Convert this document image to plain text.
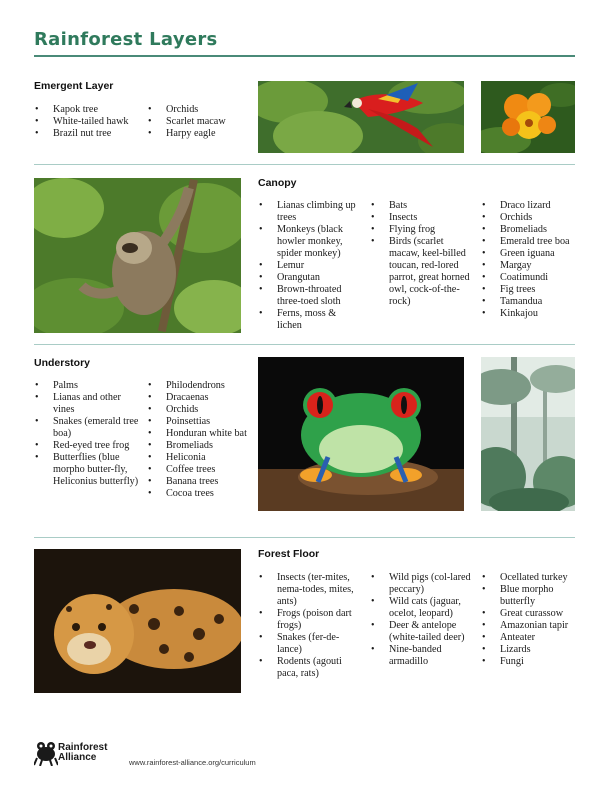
Rainforest Layers
Emergent Layer
• Kapok tree
• White-tailed hawk
• Brazil nut tree
• Orchids
• Scarlet macaw
• Harpy eagle
Canopy
• Lianas climbing up trees
• Monkeys (black howler monkey, spider monkey)
• Lemur
• Orangutan
• Brown-throated three-toed sloth
• Ferns, moss & lichen
• Bats
• Insects
• Flying frog
• Birds (scarlet macaw, keel-billed toucan, red-lored parrot, great horned owl, cock-of-the-rock)
• Draco lizard
• Orchids
• Bromeliads
• Emerald tree boa
• Green iguana
• Margay
• Coatimundi
• Fig trees
• Tamandua
• Kinkajou
Understory
• Palms
• Lianas and other vines
• Snakes (emerald tree boa)
• Red-eyed tree frog
• Butterflies (blue morpho butter-fly, Heliconius butterfly)
• Philodendrons
• Dracaenas
• Orchids
• Poinsettias
• Honduran white bat
• Bromeliads
• Heliconia
• Coffee trees
• Banana trees
• Cocoa trees
Forest Floor
• Insects (ter-mites, nema-todes, mites, ants)
• Frogs (poison dart frogs)
• Snakes (fer-de-lance)
• Rodents (agouti paca, rats)
• Wild pigs (col-lared peccary)
• Wild cats (jaguar, ocelot, leopard)
• Deer & antelope (white-tailed deer)
• Nine-banded armadillo
• Ocellated turkey
• Blue morpho butterfly
• Great curassow
• Amazonian tapir
• Anteater
• Lizards
• Fungi
Rainforest
Alliance	www.rainforest-alliance.org/curriculum
